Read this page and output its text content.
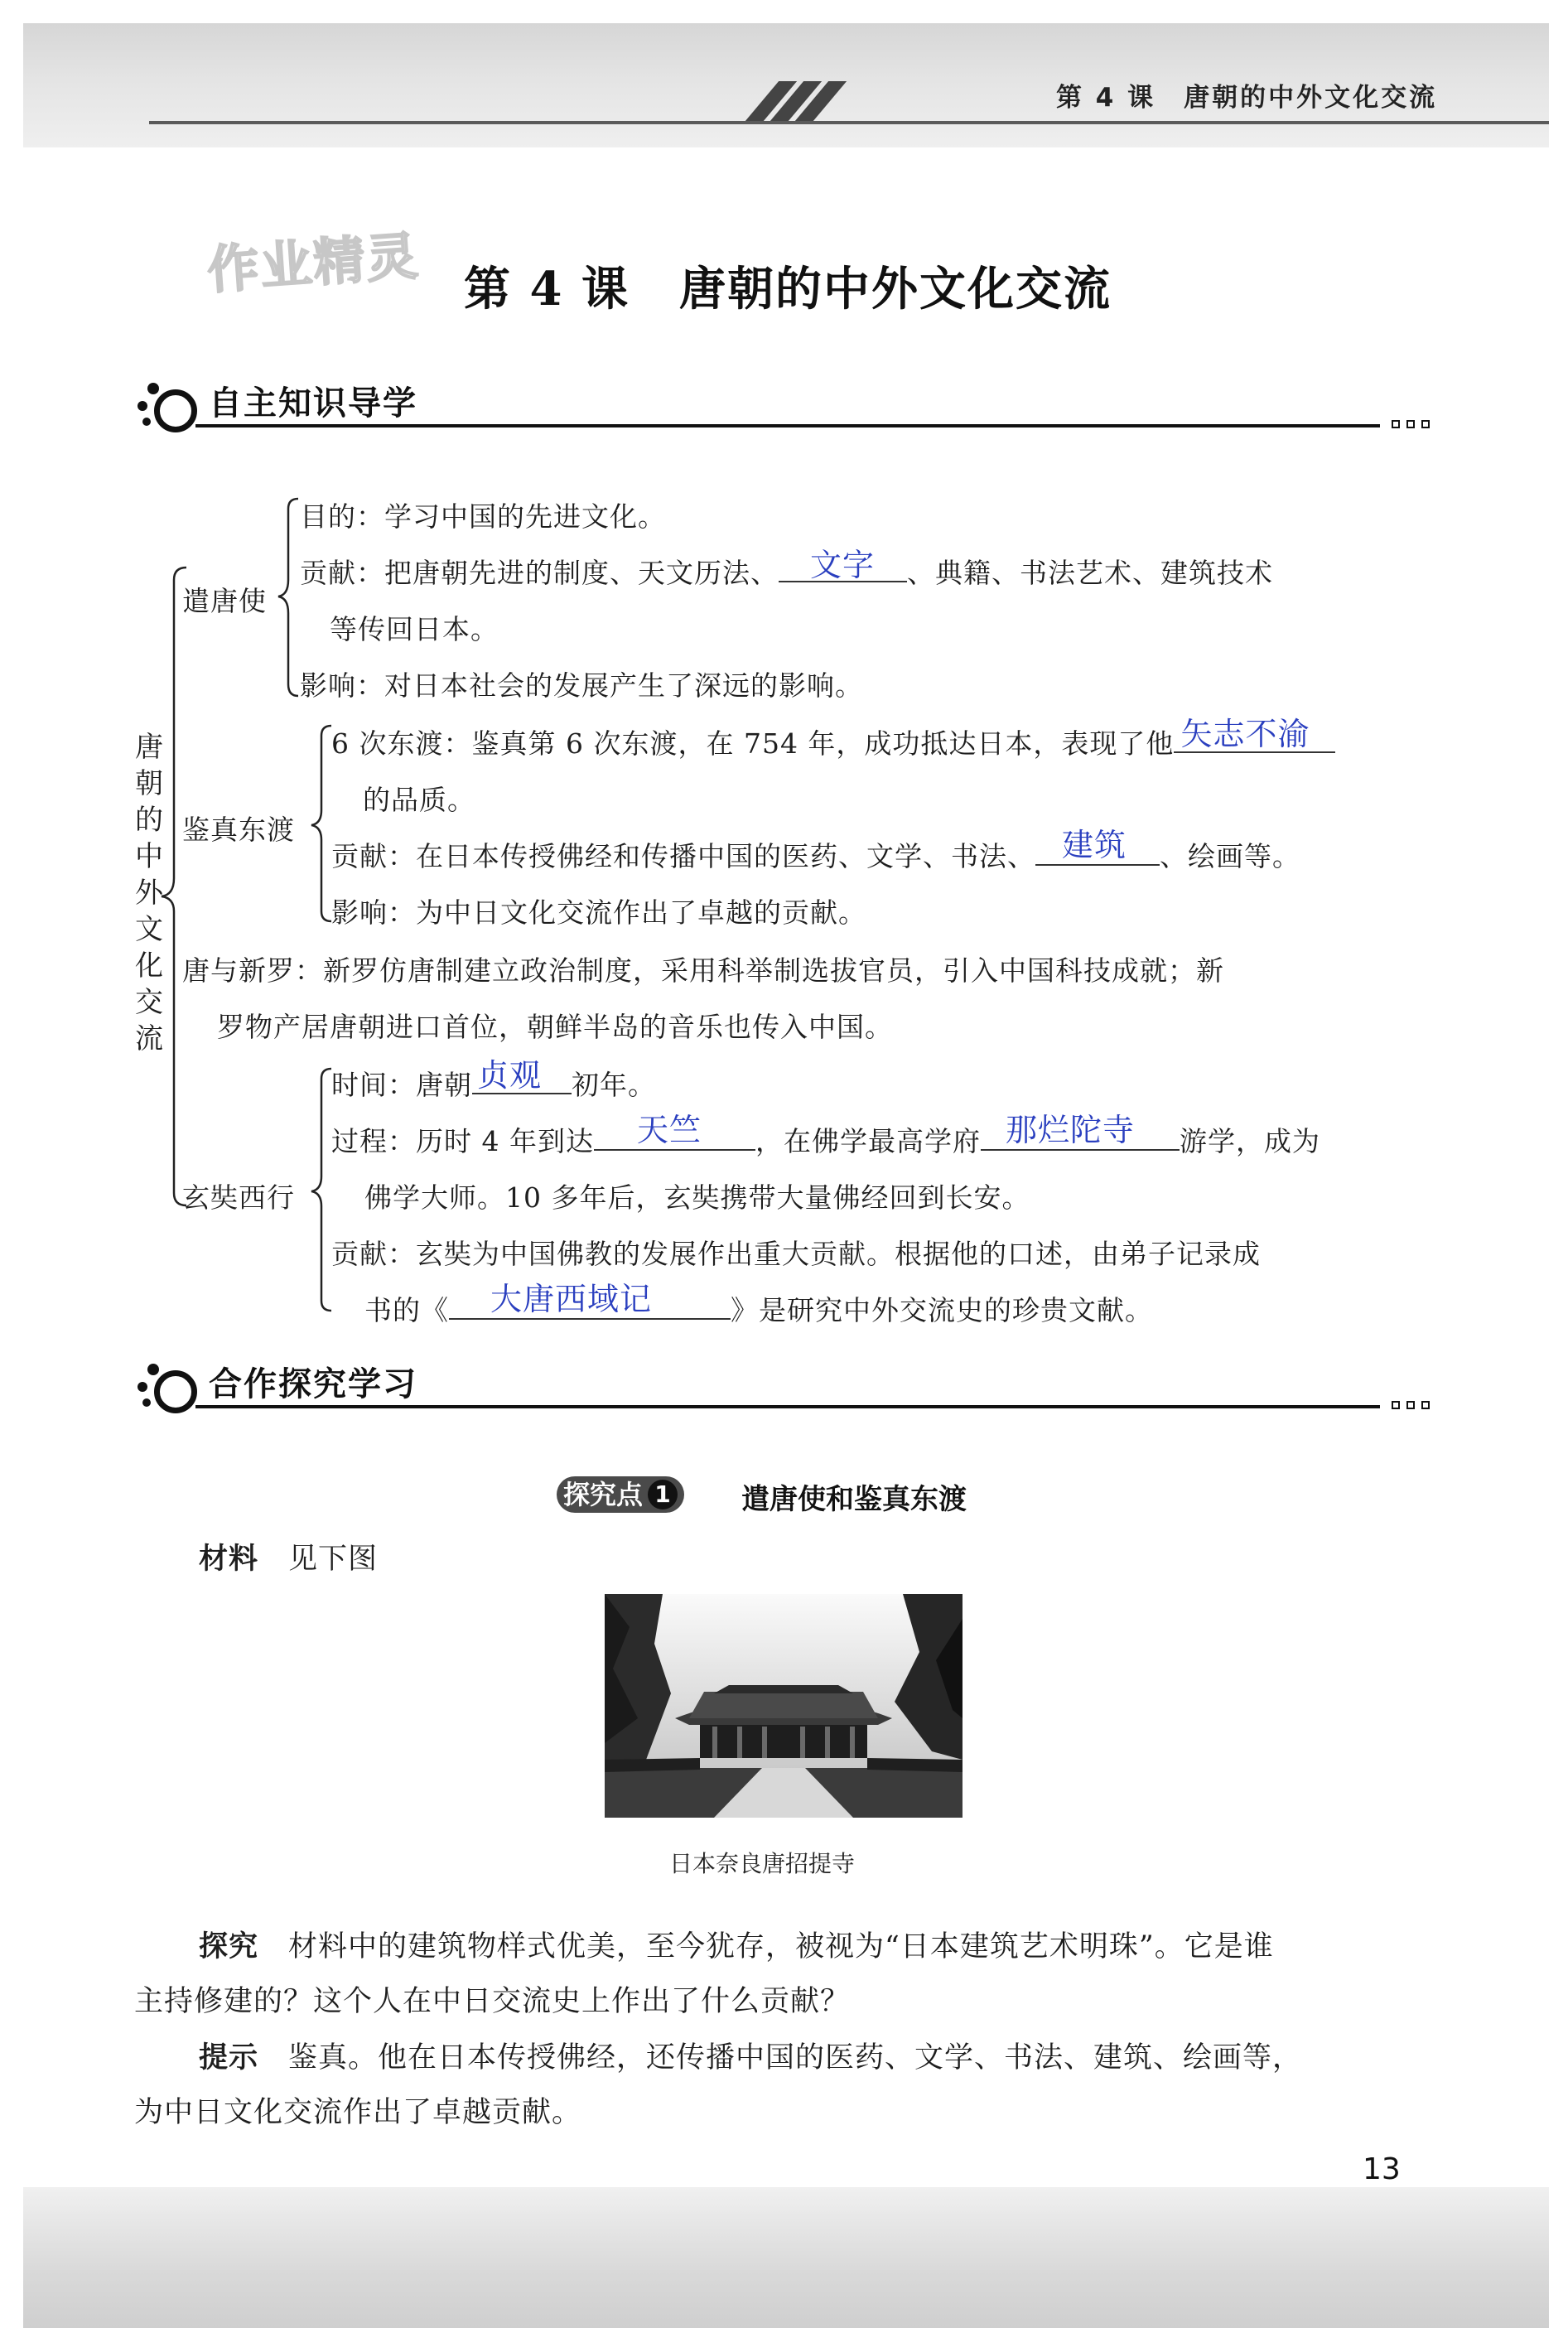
第 4 课 唐朝的中外文化交流
作业精灵 第 4 课 唐朝的中外文化交流
自主知识导学
唐朝的中外文化交流
遣唐使
目的：学习中国的先进文化。
贡献：把唐朝先进的制度、天文历法、 文字 、典籍、书法艺术、建筑技术
等传回日本。
影响：对日本社会的发展产生了深远的影响。
鉴真东渡
6 次东渡：鉴真第 6 次东渡，在 754 年，成功抵达日本，表现了他 矢志不渝
的品质。
贡献：在日本传授佛经和传播中国的医药、文学、书法、 建筑 、绘画等。
影响：为中日文化交流作出了卓越的贡献。
唐与新罗：新罗仿唐制建立政治制度，采用科举制选拔官员，引入中国科技成就；新
罗物产居唐朝进口首位，朝鲜半岛的音乐也传入中国。
玄奘西行
时间：唐朝 贞观 初年。
过程：历时 4 年到达 天竺 ，在佛学最高学府 那烂陀寺 游学，成为
佛学大师。10 多年后，玄奘携带大量佛经回到长安。
贡献：玄奘为中国佛教的发展作出重大贡献。根据他的口述，由弟子记录成
书的《 大唐西域记	》是研究中外交流史的珍贵文献。
合作探究学习
探究点 1	遣唐使和鉴真东渡
材料 见下图
日本奈良唐招提寺
探究 材料中的建筑物样式优美，至今犹存，被视为“日本建筑艺术明珠”。它是谁
主持修建的？这个人在中日交流史上作出了什么贡献？
提示 鉴真。他在日本传授佛经，还传播中国的医药、文学、书法、建筑、绘画等，
为中日文化交流作出了卓越贡献。
13
